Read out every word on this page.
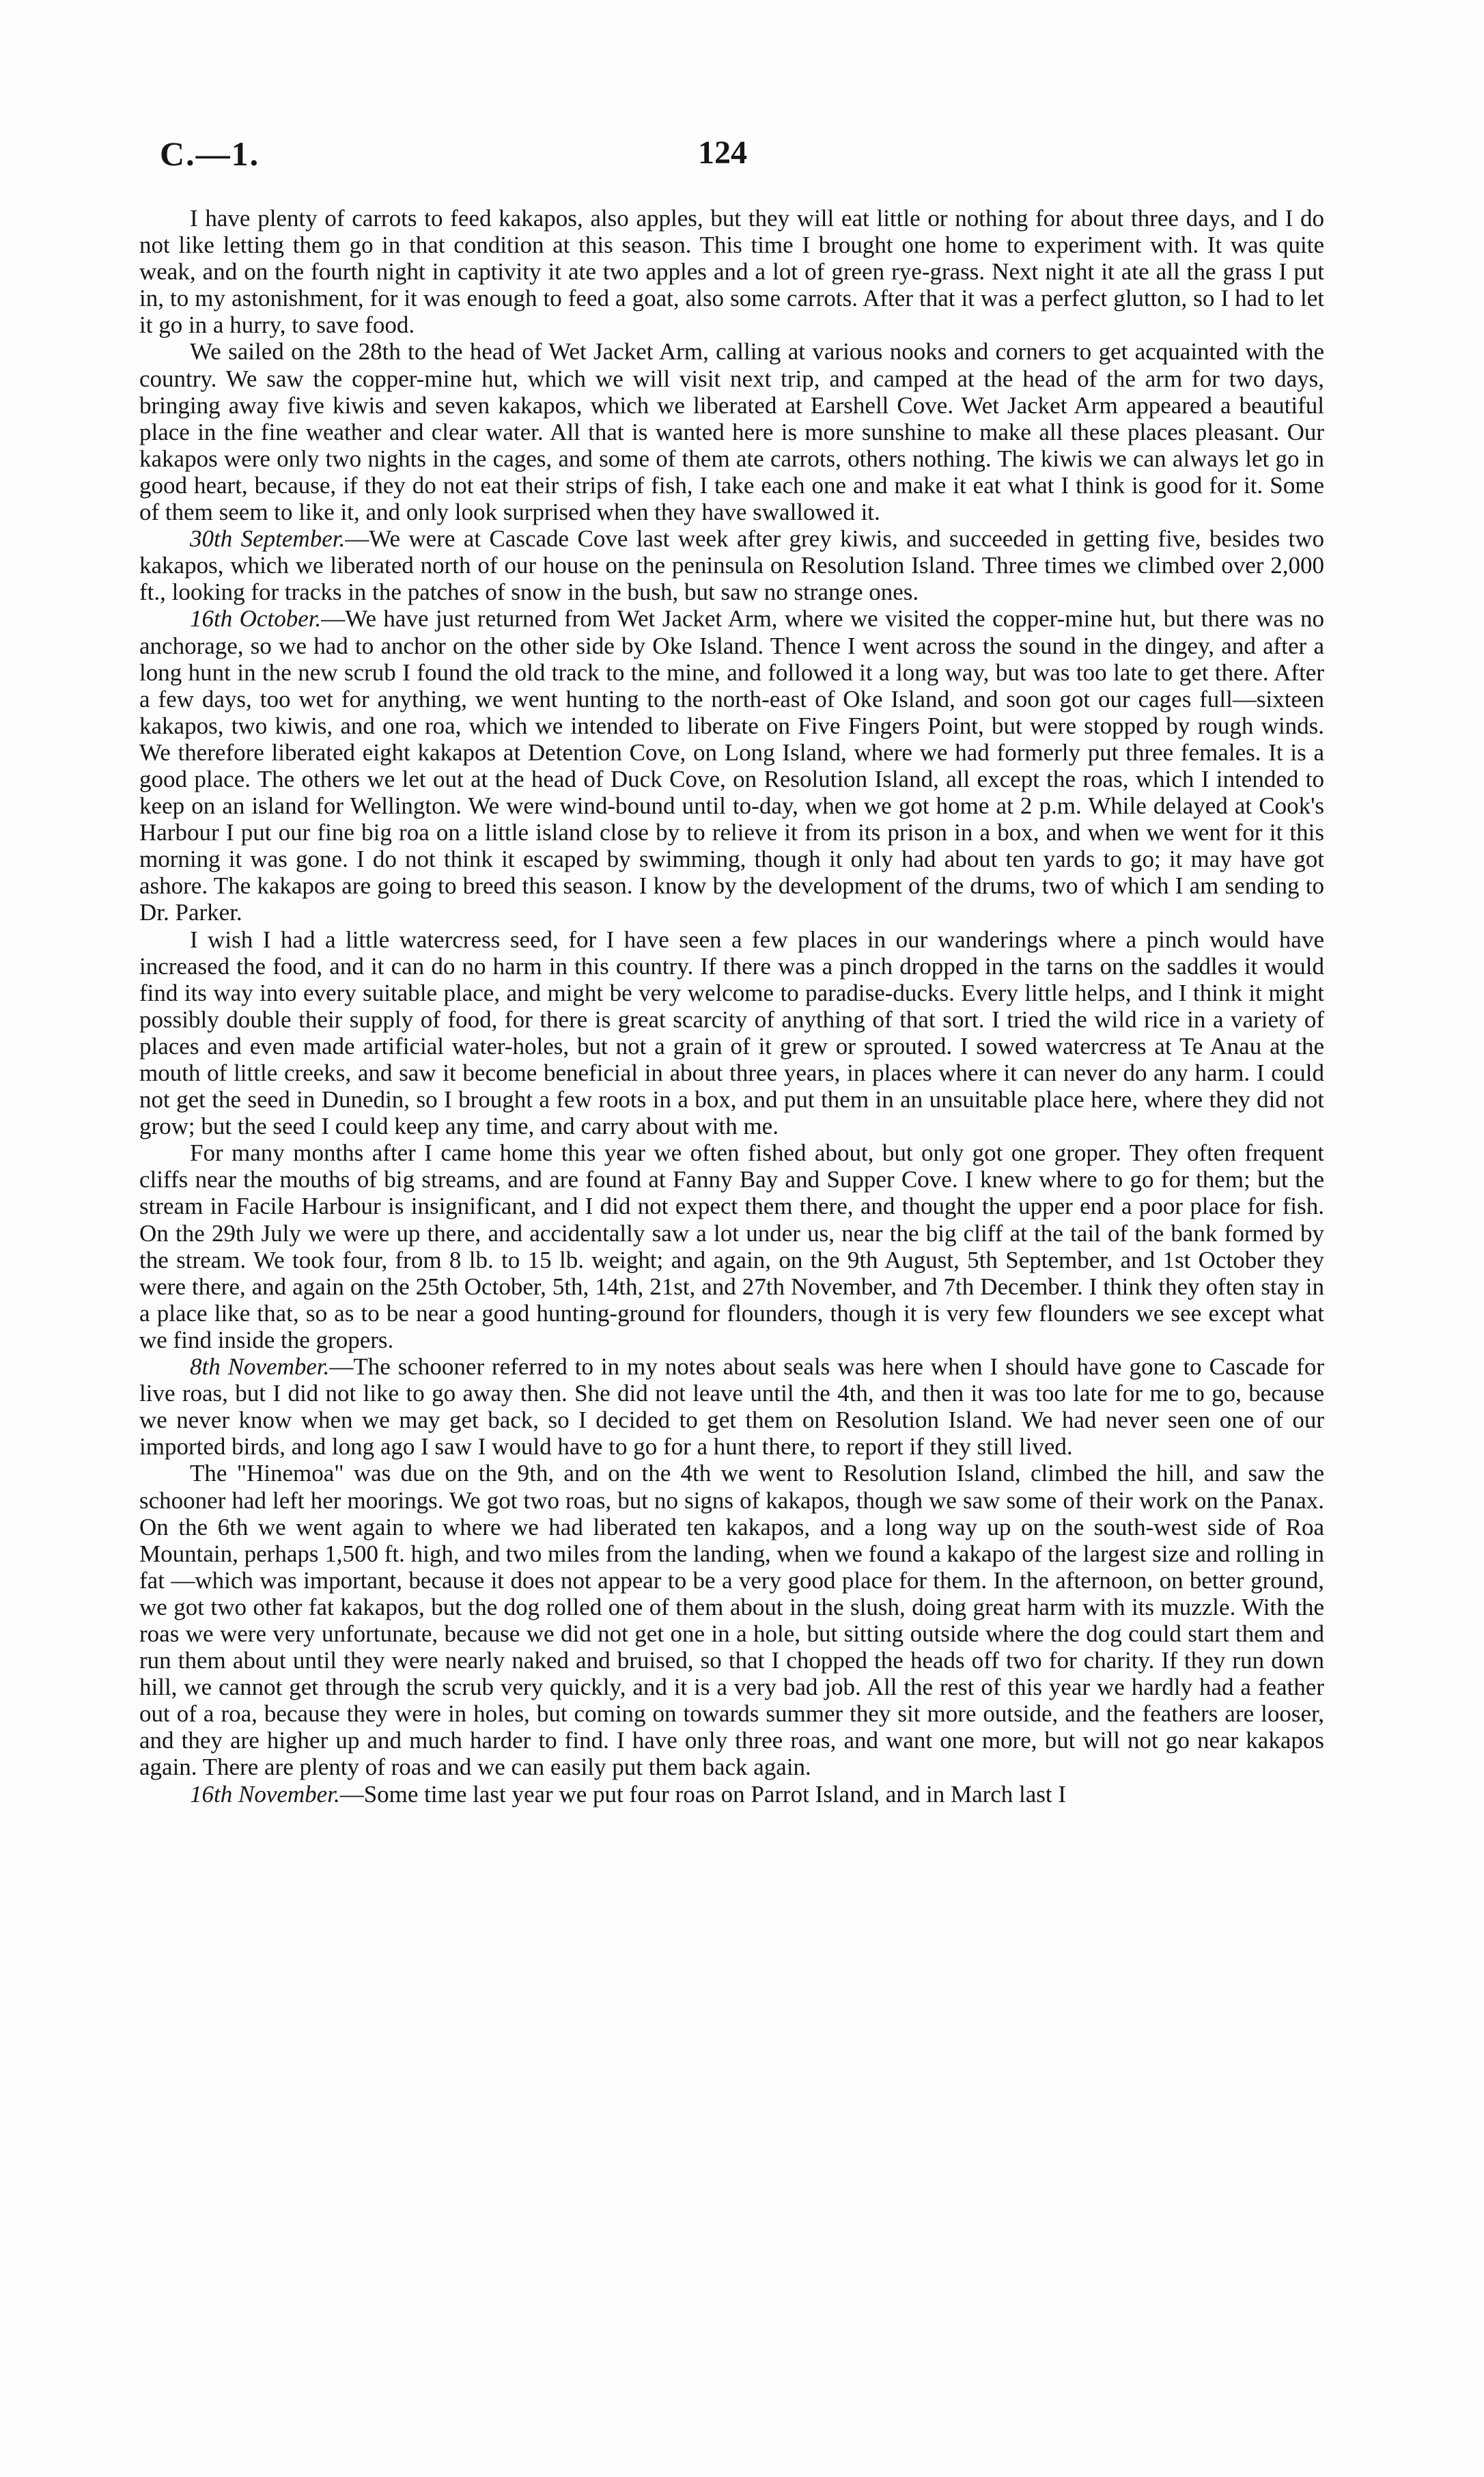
C.—1.	124

I have plenty of carrots to feed kakapos, also apples, but they will eat little or nothing for about three days, and I do not like letting them go in that condition at this season. This time I brought one home to experiment with. It was quite weak, and on the fourth night in captivity it ate two apples and a lot of green rye-grass. Next night it ate all the grass I put in, to my astonishment, for it was enough to feed a goat, also some carrots. After that it was a perfect glutton, so I had to let it go in a hurry, to save food.

We sailed on the 28th to the head of Wet Jacket Arm, calling at various nooks and corners to get acquainted with the country. We saw the copper-mine hut, which we will visit next trip, and camped at the head of the arm for two days, bringing away five kiwis and seven kakapos, which we liberated at Earshell Cove. Wet Jacket Arm appeared a beautiful place in the fine weather and clear water. All that is wanted here is more sunshine to make all these places pleasant. Our kakapos were only two nights in the cages, and some of them ate carrots, others nothing. The kiwis we can always let go in good heart, because, if they do not eat their strips of fish, I take each one and make it eat what I think is good for it. Some of them seem to like it, and only look surprised when they have swallowed it.

30th September.—We were at Cascade Cove last week after grey kiwis, and succeeded in getting five, besides two kakapos, which we liberated north of our house on the peninsula on Resolution Island. Three times we climbed over 2,000 ft., looking for tracks in the patches of snow in the bush, but saw no strange ones.

16th October.—We have just returned from Wet Jacket Arm, where we visited the copper-mine hut, but there was no anchorage, so we had to anchor on the other side by Oke Island. Thence I went across the sound in the dingey, and after a long hunt in the new scrub I found the old track to the mine, and followed it a long way, but was too late to get there. After a few days, too wet for anything, we went hunting to the north-east of Oke Island, and soon got our cages full—sixteen kakapos, two kiwis, and one roa, which we intended to liberate on Five Fingers Point, but were stopped by rough winds. We therefore liberated eight kakapos at Detention Cove, on Long Island, where we had formerly put three females. It is a good place. The others we let out at the head of Duck Cove, on Resolution Island, all except the roas, which I intended to keep on an island for Wellington. We were wind-bound until to-day, when we got home at 2 p.m. While delayed at Cook's Harbour I put our fine big roa on a little island close by to relieve it from its prison in a box, and when we went for it this morning it was gone. I do not think it escaped by swimming, though it only had about ten yards to go; it may have got ashore. The kakapos are going to breed this season. I know by the development of the drums, two of which I am sending to Dr. Parker.

I wish I had a little watercress seed, for I have seen a few places in our wanderings where a pinch would have increased the food, and it can do no harm in this country. If there was a pinch dropped in the tarns on the saddles it would find its way into every suitable place, and might be very welcome to paradise-ducks. Every little helps, and I think it might possibly double their supply of food, for there is great scarcity of anything of that sort. I tried the wild rice in a variety of places and even made artificial water-holes, but not a grain of it grew or sprouted. I sowed watercress at Te Anau at the mouth of little creeks, and saw it become beneficial in about three years, in places where it can never do any harm. I could not get the seed in Dunedin, so I brought a few roots in a box, and put them in an unsuitable place here, where they did not grow; but the seed I could keep any time, and carry about with me.

For many months after I came home this year we often fished about, but only got one groper. They often frequent cliffs near the mouths of big streams, and are found at Fanny Bay and Supper Cove. I knew where to go for them; but the stream in Facile Harbour is insignificant, and I did not expect them there, and thought the upper end a poor place for fish. On the 29th July we were up there, and accidentally saw a lot under us, near the big cliff at the tail of the bank formed by the stream. We took four, from 8 lb. to 15 lb. weight; and again, on the 9th August, 5th September, and 1st October they were there, and again on the 25th October, 5th, 14th, 21st, and 27th November, and 7th December. I think they often stay in a place like that, so as to be near a good hunting-ground for flounders, though it is very few flounders we see except what we find inside the gropers.

8th November.—The schooner referred to in my notes about seals was here when I should have gone to Cascade for live roas, but I did not like to go away then. She did not leave until the 4th, and then it was too late for me to go, because we never know when we may get back, so I decided to get them on Resolution Island. We had never seen one of our imported birds, and long ago I saw I would have to go for a hunt there, to report if they still lived.

The "Hinemoa" was due on the 9th, and on the 4th we went to Resolution Island, climbed the hill, and saw the schooner had left her moorings. We got two roas, but no signs of kakapos, though we saw some of their work on the Panax. On the 6th we went again to where we had liberated ten kakapos, and a long way up on the south-west side of Roa Mountain, perhaps 1,500 ft. high, and two miles from the landing, when we found a kakapo of the largest size and rolling in fat —which was important, because it does not appear to be a very good place for them. In the afternoon, on better ground, we got two other fat kakapos, but the dog rolled one of them about in the slush, doing great harm with its muzzle. With the roas we were very unfortunate, because we did not get one in a hole, but sitting outside where the dog could start them and run them about until they were nearly naked and bruised, so that I chopped the heads off two for charity. If they run down hill, we cannot get through the scrub very quickly, and it is a very bad job. All the rest of this year we hardly had a feather out of a roa, because they were in holes, but coming on towards summer they sit more outside, and the feathers are looser, and they are higher up and much harder to find. I have only three roas, and want one more, but will not go near kakapos again. There are plenty of roas and we can easily put them back again.

16th November.—Some time last year we put four roas on Parrot Island, and in March last I
